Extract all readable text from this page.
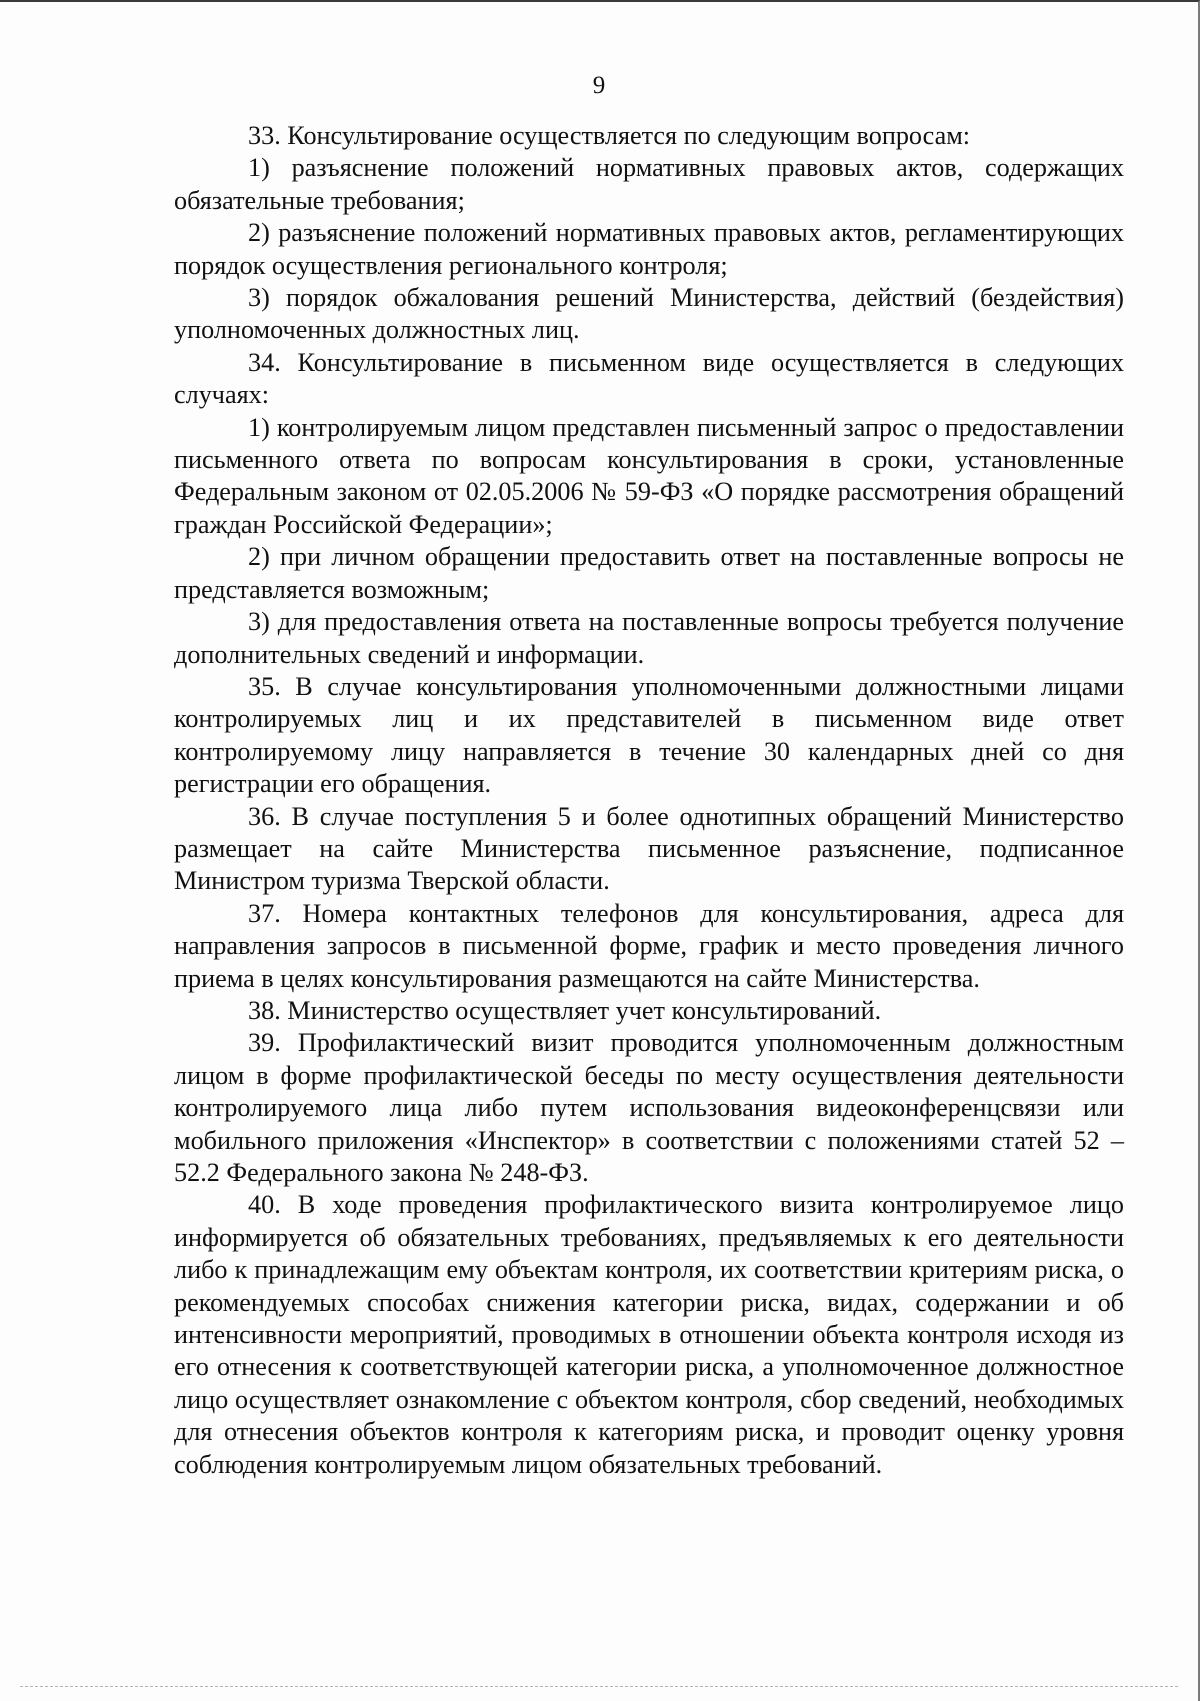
9

33. Консультирование осуществляется по следующим вопросам:

1) разъяснение положений нормативных правовых актов, содержащих обязательные требования;

2) разъяснение положений нормативных правовых актов, регламентирующих порядок осуществления регионального контроля;

3) порядок обжалования решений Министерства, действий (бездействия) уполномоченных должностных лиц.

34. Консультирование в письменном виде осуществляется в следующих случаях:

1) контролируемым лицом представлен письменный запрос о предоставлении письменного ответа по вопросам консультирования в сроки, установленные Федеральным законом от 02.05.2006 № 59-ФЗ «О порядке рассмотрения обращений граждан Российской Федерации»;

2) при личном обращении предоставить ответ на поставленные вопросы не представляется возможным;

3) для предоставления ответа на поставленные вопросы требуется получение дополнительных сведений и информации.

35. В случае консультирования уполномоченными должностными лицами контролируемых лиц и их представителей в письменном виде ответ контролируемому лицу направляется в течение 30 календарных дней со дня регистрации его обращения.

36. В случае поступления 5 и более однотипных обращений Министерство размещает на сайте Министерства письменное разъяснение, подписанное Министром туризма Тверской области.

37. Номера контактных телефонов для консультирования, адреса для направления запросов в письменной форме, график и место проведения личного приема в целях консультирования размещаются на сайте Министерства.

38. Министерство осуществляет учет консультирований.

39. Профилактический визит проводится уполномоченным должностным лицом в форме профилактической беседы по месту осуществления деятельности контролируемого лица либо путем использования видеоконференцсвязи или мобильного приложения «Инспектор» в соответствии с положениями статей 52 – 52.2 Федерального закона № 248-ФЗ.

40. В ходе проведения профилактического визита контролируемое лицо информируется об обязательных требованиях, предъявляемых к его деятельности либо к принадлежащим ему объектам контроля, их соответствии критериям риска, о рекомендуемых способах снижения категории риска, видах, содержании и об интенсивности мероприятий, проводимых в отношении объекта контроля исходя из его отнесения к соответствующей категории риска, а уполномоченное должностное лицо осуществляет ознакомление с объектом контроля, сбор сведений, необходимых для отнесения объектов контроля к категориям риска, и проводит оценку уровня соблюдения контролируемым лицом обязательных требований.
